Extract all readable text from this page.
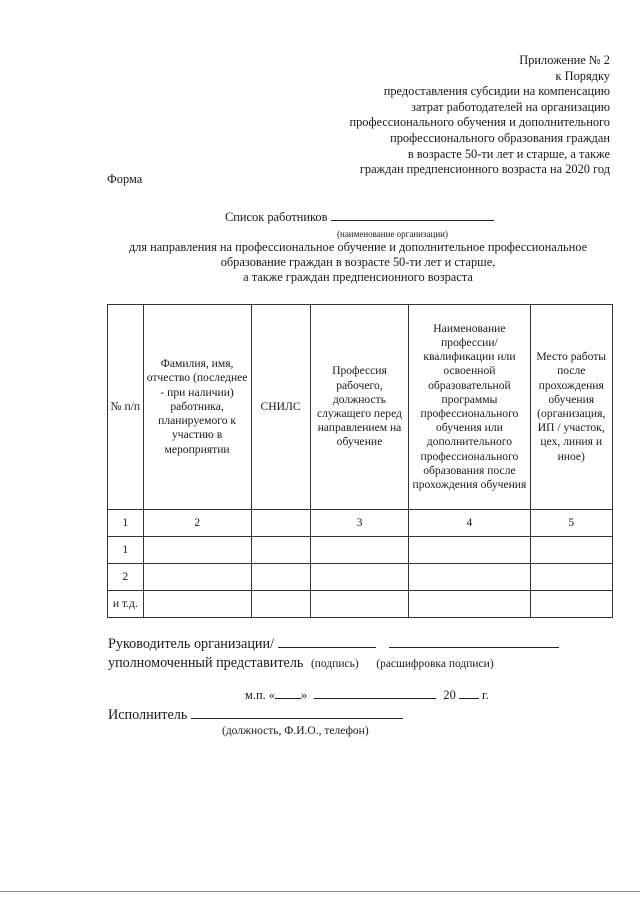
Приложение № 2
к Порядку
предоставления субсидии на компенсацию
затрат работодателей на организацию
профессионального обучения и дополнительного
профессионального образования граждан
в возрасте 50-ти лет и старше, а также
граждан предпенсионного возраста на 2020 год
Форма
Список работников
(наименование организации)
для направления на профессиональное обучение и дополнительное профессиональное
образование граждан в возрасте 50-ти лет и старше,
а также граждан предпенсионного возраста
№ п/п	Фамилия, имя, отчество (последнее - при наличии) работника, планируемого к участию в мероприятии	СНИЛС	Профессия рабочего, должность служащего перед направлением на обучение	Наименование профессии/ квалификации или освоенной образовательной программы профессионального обучения или дополнительного профессионального образования после прохождения обучения	Место работы после прохождения обучения (организация, ИП / участок, цех, линия и иное)
1	2		3	4	5
1					
2					
и т.д.					
Руководитель организации/
уполномоченный представитель (подпись) (расшифровка подписи)
м.п. « »	20 г.
Исполнитель
(должность, Ф.И.О., телефон)
